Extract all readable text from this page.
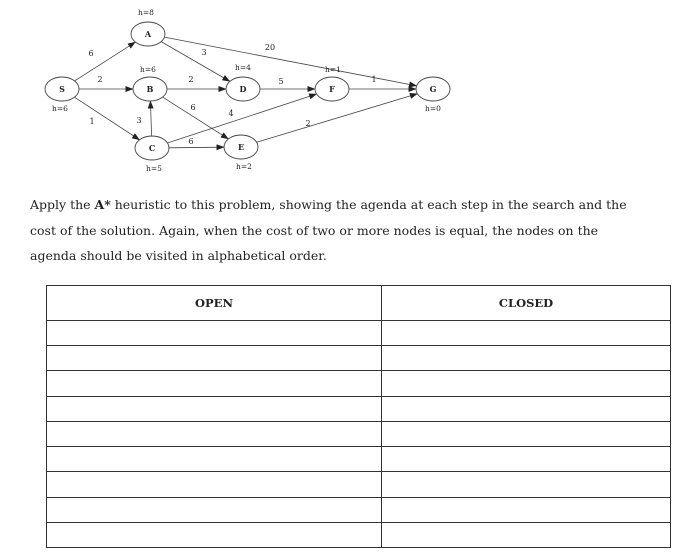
6
2
1
3
20
2
6
3
6
4
5
2
1
S
h=6
A
h=8
B
h=6
C
h=5
D
h=4
E
h=2
F
h=1
G
h=0

Apply the A* heuristic to this problem, showing the agenda at each step in the search and the cost of the solution. Again, when the cost of two or more nodes is equal, the nodes on the agenda should be visited in alphabetical order.

OPEN	CLOSED
